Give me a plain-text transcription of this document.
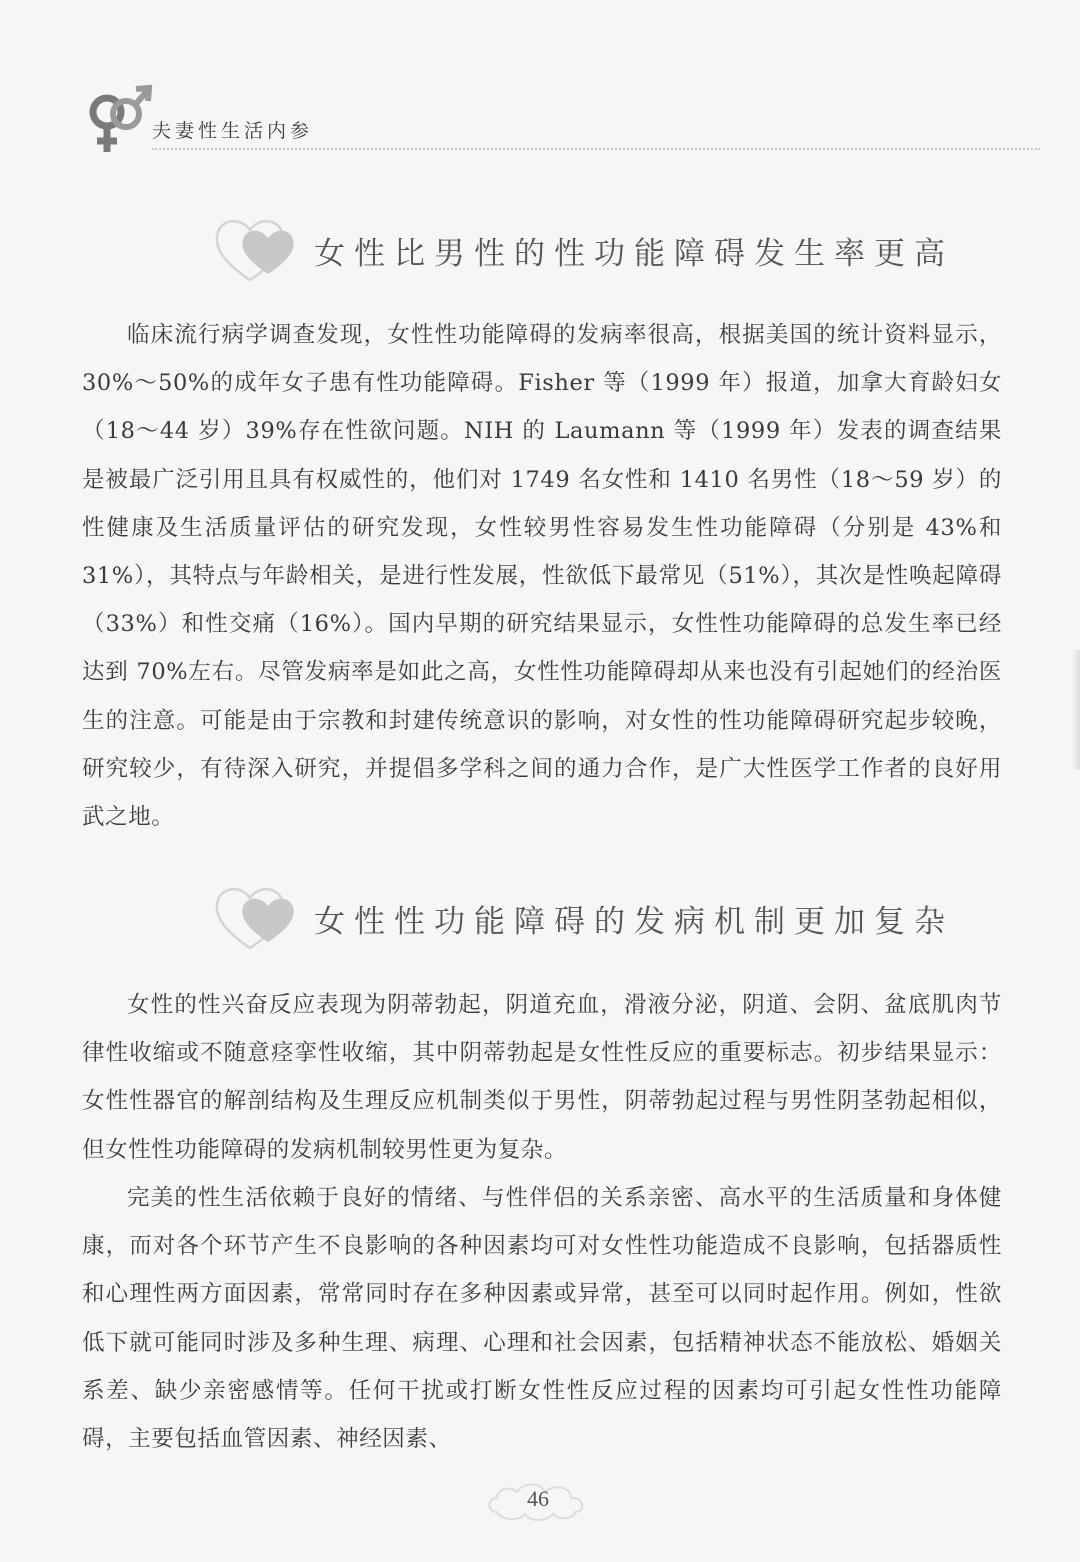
夫妻性生活内参
女性比男性的性功能障碍发生率更高

临床流行病学调查发现，女性性功能障碍的发病率很高，根据美国的统计资料显示，30%～50%的成年女子患有性功能障碍。Fisher 等（1999 年）报道，加拿大育龄妇女（18～44 岁）39%存在性欲问题。NIH 的 Laumann 等（1999 年）发表的调查结果是被最广泛引用且具有权威性的，他们对 1749 名女性和 1410 名男性（18～59 岁）的性健康及生活质量评估的研究发现，女性较男性容易发生性功能障碍（分别是 43%和 31%），其特点与年龄相关，是进行性发展，性欲低下最常见（51%），其次是性唤起障碍（33%）和性交痛（16%）。国内早期的研究结果显示，女性性功能障碍的总发生率已经达到 70%左右。尽管发病率是如此之高，女性性功能障碍却从来也没有引起她们的经治医生的注意。可能是由于宗教和封建传统意识的影响，对女性的性功能障碍研究起步较晚，研究较少，有待深入研究，并提倡多学科之间的通力合作，是广大性医学工作者的良好用武之地。

女性性功能障碍的发病机制更加复杂

女性的性兴奋反应表现为阴蒂勃起，阴道充血，滑液分泌，阴道、会阴、盆底肌肉节律性收缩或不随意痉挛性收缩，其中阴蒂勃起是女性性反应的重要标志。初步结果显示：女性性器官的解剖结构及生理反应机制类似于男性，阴蒂勃起过程与男性阴茎勃起相似，但女性性功能障碍的发病机制较男性更为复杂。

完美的性生活依赖于良好的情绪、与性伴侣的关系亲密、高水平的生活质量和身体健康，而对各个环节产生不良影响的各种因素均可对女性性功能造成不良影响，包括器质性和心理性两方面因素，常常同时存在多种因素或异常，甚至可以同时起作用。例如，性欲低下就可能同时涉及多种生理、病理、心理和社会因素，包括精神状态不能放松、婚姻关系差、缺少亲密感情等。任何干扰或打断女性性反应过程的因素均可引起女性性功能障碍，主要包括血管因素、神经因素、

46
